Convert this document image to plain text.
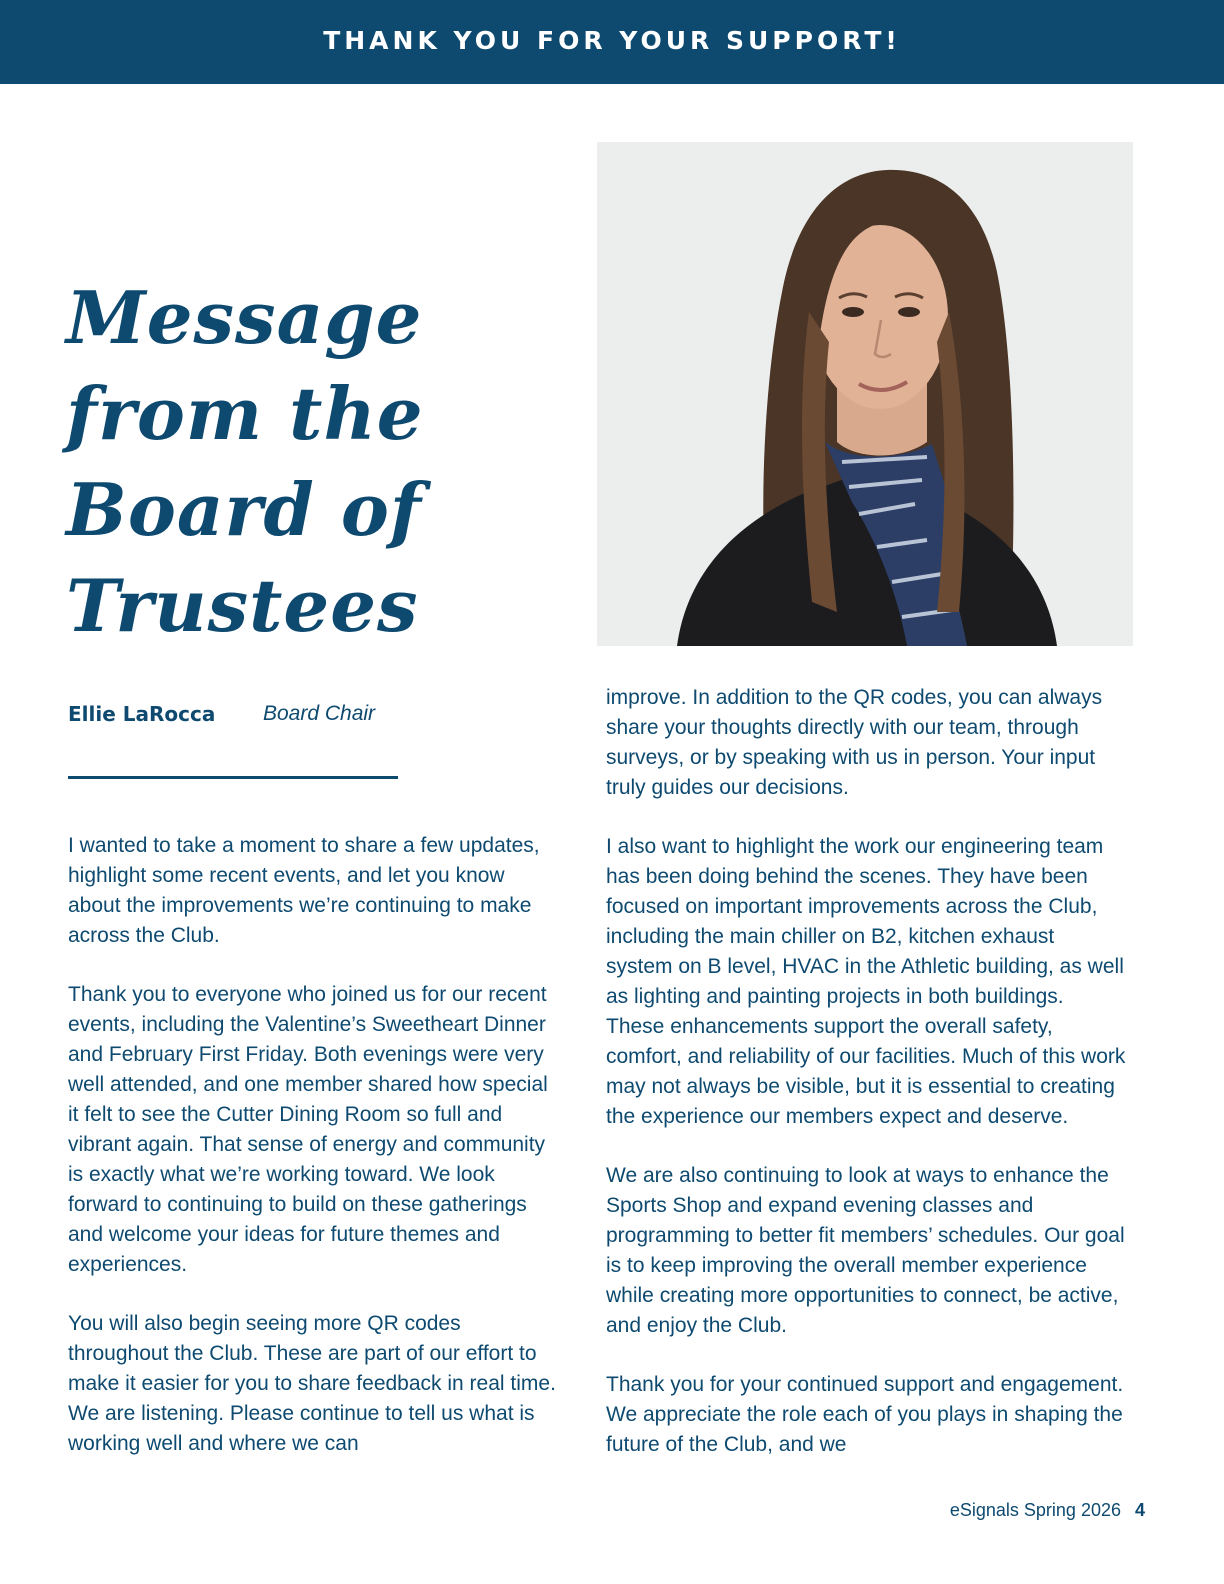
THANK YOU FOR YOUR SUPPORT!
Message
from the
Board of
Trustees
Ellie LaRocca Board Chair

I wanted to take a moment to share a few updates, highlight some recent events, and let you know about the improvements we’re continuing to make across the Club.

Thank you to everyone who joined us for our recent events, including the Valentine’s Sweetheart Dinner and February First Friday. Both evenings were very well attended, and one member shared how special it felt to see the Cutter Dining Room so full and vibrant again. That sense of energy and community is exactly what we’re working toward. We look forward to continuing to build on these gatherings and welcome your ideas for future themes and experiences.

You will also begin seeing more QR codes throughout the Club. These are part of our effort to make it easier for you to share feedback in real time. We are listening. Please continue to tell us what is working well and where we can

improve. In addition to the QR codes, you can always share your thoughts directly with our team, through surveys, or by speaking with us in person. Your input truly guides our decisions.

I also want to highlight the work our engineering team has been doing behind the scenes. They have been focused on important improvements across the Club, including the main chiller on B2, kitchen exhaust system on B level, HVAC in the Athletic building, as well as lighting and painting projects in both buildings. These enhancements support the overall safety, comfort, and reliability of our facilities. Much of this work may not always be visible, but it is essential to creating the experience our members expect and deserve.

We are also continuing to look at ways to enhance the Sports Shop and expand evening classes and programming to better fit members’ schedules. Our goal is to keep improving the overall member experience while creating more opportunities to connect, be active, and enjoy the Club.

Thank you for your continued support and engagement. We appreciate the role each of you plays in shaping the future of the Club, and we

eSignals Spring 2026 4
